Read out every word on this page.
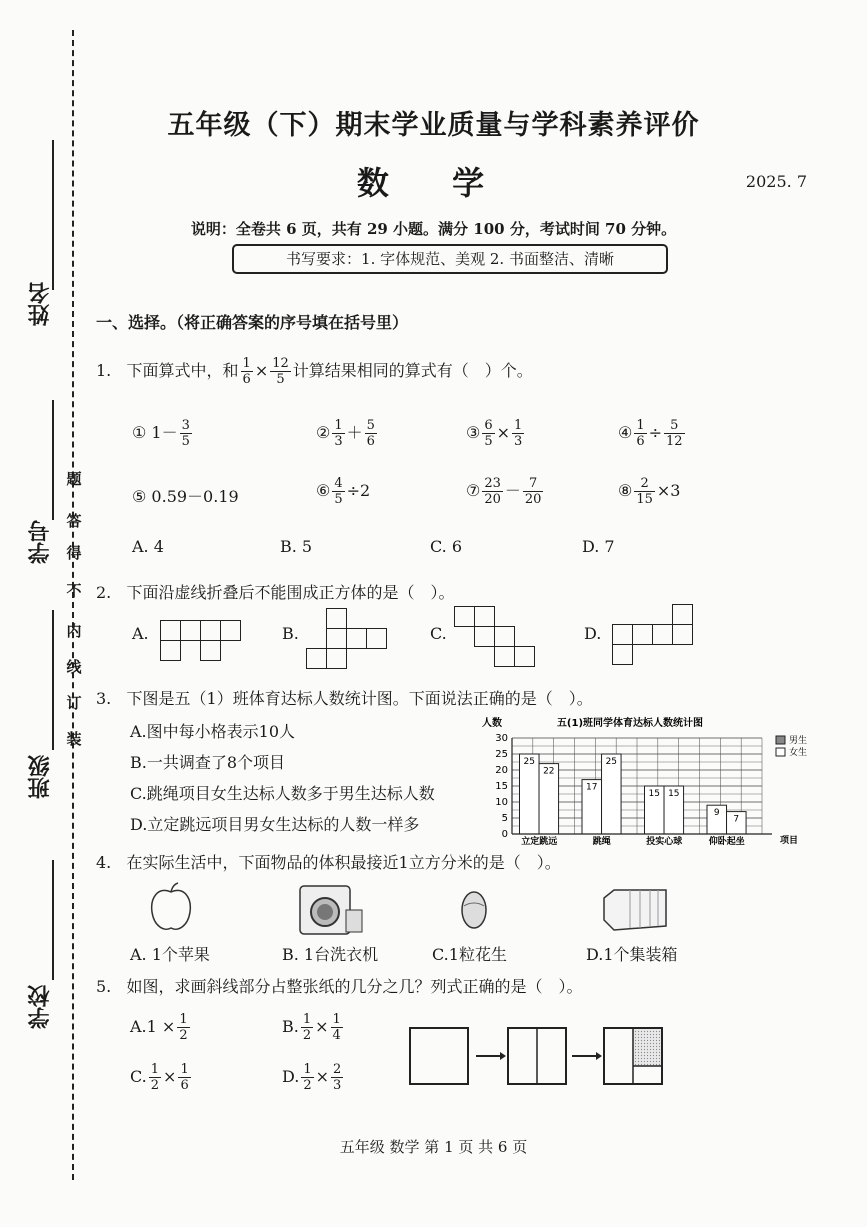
姓名
学号
班级
学校
题
答
得
不
内
线
订
装
五年级（下）期末学业质量与学科素养评价
数 学	2025. 7
说明：全卷共 6 页，共有 29 小题。满分 100 分，考试时间 70 分钟。
书写要求：1. 字体规范、美观 2. 书面整洁、清晰
一、选择。（将正确答案的序号填在括号里）
1. 下面算式中，和 $\frac{1}{6} \times \frac{12}{5}$ 计算结果相同的算式有（　）个。
① $1- \frac{3}{5}$	② $\frac{1}{3} + \frac{5}{6}$	③ $\frac{6}{5} \times \frac{1}{3}$	④ $\frac{1}{6} \div \frac{5}{12}$
⑤ 0.59－0.19	⑥ $\frac{4}{5} \div 2$	⑦ $\frac{23}{20} - \frac{7}{20}$	⑧ $\frac{2}{15} \times 3$
A. 4	B. 5	C. 6	D. 7
2. 下面沿虚线折叠后不能围成正方体的是（　）。
A.

				B.

				C.

				D.

3. 下图是五（1）班体育达标人数统计图。下面说法正确的是（　）。
A.图中每小格表示10人
B.一共调查了8个项目
C.跳绳项目女生达标人数多于男生达标人数
D.立定跳远项目男女生达标的人数一样多
五(1)班同学体育达标人数统计图
人数
项目
0
5
10
15
20
25
30
25
22
立定跳远
17
25
跳绳
15 15
投实心球
9
7
仰卧起坐
男生
女生
4. 在实际生活中，下面物品的体积最接近1立方分米的是（　）。
A. 1个苹果	B. 1台洗衣机	C.1粒花生	D.1个集装箱
5. 如图，求画斜线部分占整张纸的几分之几？列式正确的是（　）。
$A.1 \times \frac{1}{2}$	B. $\frac{1}{2} \times \frac{1}{4}$
C. $\frac{1}{2} \times \frac{1}{6}$	D. $\frac{1}{2} \times \frac{2}{3}$
五年级 数学 第 1 页 共 6 页
